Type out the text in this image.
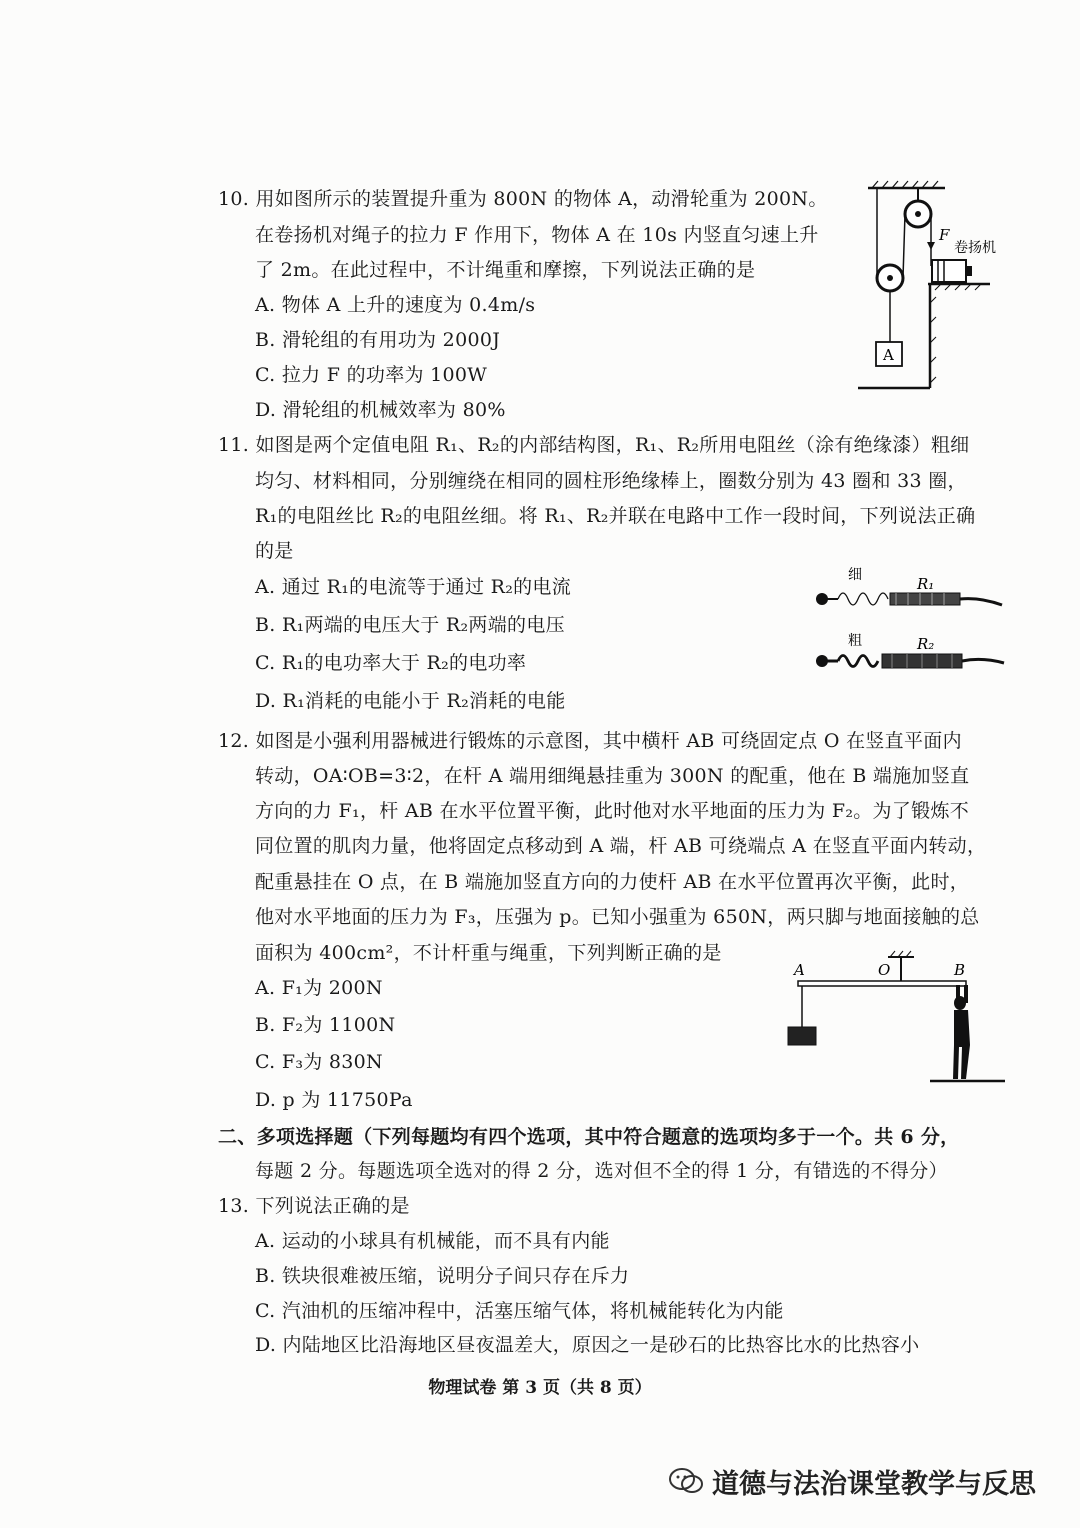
10. 用如图所示的装置提升重为 800N 的物体 A，动滑轮重为 200N。
在卷扬机对绳子的拉力 F 作用下，物体 A 在 10s 内竖直匀速上升
了 2m。在此过程中，不计绳重和摩擦，下列说法正确的是
A. 物体 A 上升的速度为 0.4m/s
B. 滑轮组的有用功为 2000J
C. 拉力 F 的功率为 100W
D. 滑轮组的机械效率为 80%
F
卷扬机
A
11. 如图是两个定值电阻 R₁、R₂的内部结构图，R₁、R₂所用电阻丝（涂有绝缘漆）粗细
均匀、材料相同，分别缠绕在相同的圆柱形绝缘棒上，圈数分别为 43 圈和 33 圈，
R₁的电阻丝比 R₂的电阻丝细。将 R₁、R₂并联在电路中工作一段时间，下列说法正确
的是
A. 通过 R₁的电流等于通过 R₂的电流
B. R₁两端的电压大于 R₂两端的电压
C. R₁的电功率大于 R₂的电功率
D. R₁消耗的电能小于 R₂消耗的电能
细	R₁
粗	R₂
12. 如图是小强利用器械进行锻炼的示意图，其中横杆 AB 可绕固定点 O 在竖直平面内
转动，OA∶OB=3∶2，在杆 A 端用细绳悬挂重为 300N 的配重，他在 B 端施加竖直
方向的力 F₁，杆 AB 在水平位置平衡，此时他对水平地面的压力为 F₂。为了锻炼不
同位置的肌肉力量，他将固定点移动到 A 端，杆 AB 可绕端点 A 在竖直平面内转动，
配重悬挂在 O 点，在 B 端施加竖直方向的力使杆 AB 在水平位置再次平衡，此时，
他对水平地面的压力为 F₃，压强为 p。已知小强重为 650N，两只脚与地面接触的总
面积为 400cm²，不计杆重与绳重，下列判断正确的是
A. F₁为 200N
B. F₂为 1100N
C. F₃为 830N
D. p 为 11750Pa
A	O	B
二、多项选择题（下列每题均有四个选项，其中符合题意的选项均多于一个。共 6 分，
每题 2 分。每题选项全选对的得 2 分，选对但不全的得 1 分，有错选的不得分）
13. 下列说法正确的是
A. 运动的小球具有机械能，而不具有内能
B. 铁块很难被压缩，说明分子间只存在斥力
C. 汽油机的压缩冲程中，活塞压缩气体，将机械能转化为内能
D. 内陆地区比沿海地区昼夜温差大，原因之一是砂石的比热容比水的比热容小
物理试卷 第 3 页（共 8 页）
道德与法治课堂教学与反思
